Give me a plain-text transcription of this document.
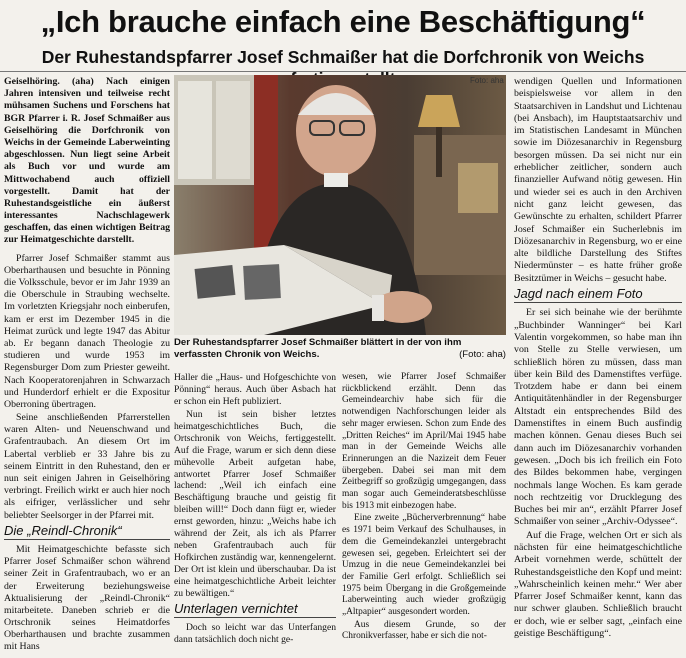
„Ich brauche einfach eine Beschäftigung“
Der Ruhestandspfarrer Josef Schmaißer hat die Dorfchronik von Weichs

Geiselhöring. (aha) Nach einigen Jahren intensiven und teilweise recht mühsamen Suchens und Forschens hat BGR Pfarrer i. R. Josef Schmaißer aus Geiselhöring die Dorfchronik von Weichs in der Gemeinde Laberweinting abgeschlossen. Nun liegt seine Arbeit als Buch vor und wurde am Mittwochabend auch offiziell vorgestellt. Damit hat der Ruhestandsgeistliche ein äußerst interessantes Nachschlagewerk geschaffen, das einen wichtigen Beitrag zur Heimatgeschichte darstellt.

Pfarrer Josef Schmaißer stammt aus Oberharthausen und besuchte in Pönning die Volksschule, bevor er im Jahr 1939 an die Oberschule in Straubing wechselte. Im vorletzten Kriegsjahr noch einberufen, kam er erst im Dezember 1945 in die Heimat zurück und legte 1947 das Abitur ab. Er begann danach Theologie zu studieren und wurde 1953 im Regensburger Dom zum Priester geweiht. Nach Kooperatorenjahren in Schwarzach und Hunderdorf erhielt er die Expositur Oberroning übertragen.

Seine anschließenden Pfarrerstellen waren Alten- und Neuenschwand und Grafentraubach. An diesem Ort im Labertal verblieb er 33 Jahre bis zu seinem Eintritt in den Ruhestand, den er nun seit einigen Jahren in Geiselhöring verbringt. Freilich wirkt er auch hier noch als eifriger, verlässlicher und sehr beliebter Seelsorger in der Pfarrei mit.

Die „Reindl-Chronik“

Mit Heimatgeschichte befasste sich Pfarrer Josef Schmaißer schon während seiner Zeit in Grafentraubach, wo er an der Erweiterung beziehungsweise Aktualisierung der „Reindl-Chronik“ mitarbeitete. Daneben schrieb er die Ortschronik seines Heimatdorfes Oberharthausen und brachte zusammen mit Hans

Der Ruhestandspfarrer Josef Schmaißer blättert in der von ihm verfassten Chronik von Weichs.	(Foto: aha)
Foto: aha

Haller die „Haus- und Hofgeschichte von Pönning“ heraus. Auch über Asbach hat er schon ein Heft publiziert.

Nun ist sein bisher letztes heimatgeschichtliches Buch, die Ortschronik von Weichs, fertiggestellt. Auf die Frage, warum er sich denn diese mühevolle Arbeit aufgetan habe, antwortet Pfarrer Josef Schmaißer lachend: „Weil ich einfach eine Beschäftigung brauche und geistig fit bleiben will!“ Doch dann fügt er, wieder ernst geworden, hinzu: „Weichs habe ich während der Zeit, als ich als Pfarrer neben Grafentraubach auch für Hofkirchen zuständig war, kennengelernt. Der Ort ist klein und überschaubar. Da ist eine heimatgeschichtliche Arbeit leichter zu bewältigen.“

Unterlagen vernichtet

Doch so leicht war das Unterfangen dann tatsächlich doch nicht ge-

wesen, wie Pfarrer Josef Schmaißer rückblickend erzählt. Denn das Gemeindearchiv habe sich für die notwendigen Nachforschungen leider als sehr mager erwiesen. Schon zum Ende des „Dritten Reiches“ im April/Mai 1945 habe man in der Gemeinde Weichs alle Erinnerungen an die Nazizeit dem Feuer übergeben. Dabei sei man mit dem Zeitbegriff so großzügig umgegangen, dass man sogar auch Gemeinderatsbeschlüsse bis 1913 mit einbezogen habe.

Eine zweite „Bücherverbrennung“ habe es 1971 beim Verkauf des Schulhauses, in dem die Gemeindekanzlei untergebracht gewesen sei, gegeben. Erleichtert sei der Umzug in die neue Gemeindekanzlei bei der Familie Gerl erfolgt. Schließlich sei 1975 beim Übergang in die Großgemeinde Laberweinting auch wieder großzügig „Altpapier“ ausgesondert worden.

Aus diesem Grunde, so der Chronikverfasser, habe er sich die not-

wendigen Quellen und Informationen beispielsweise vor allem in den Staatsarchiven in Landshut und Lichtenau (bei Ansbach), im Hauptstaatsarchiv und im Statistischen Landesamt in München sowie im Diözesanarchiv in Regensburg besorgen müssen. Da sei nicht nur ein erheblicher zeitlicher, sondern auch finanzieller Aufwand nötig gewesen. Hin und wieder sei es auch in den Archiven nicht ganz leicht gewesen, das Gewünschte zu erhalten, schildert Pfarrer Josef Schmaißer ein Sucherlebnis im Diözesanarchiv in Regensburg, wo er eine alte bildliche Darstellung des Stiftes Niedermünster – es hatte früher große Besitztümer in Weichs – gesucht habe.

Jagd nach einem Foto

Er sei sich beinahe wie der berühmte „Buchbinder Wanninger“ bei Karl Valentin vorgekommen, so habe man ihn von Stelle zu Stelle verwiesen, um schließlich hören zu müssen, dass man über kein Bild des Damenstiftes verfüge. Trotzdem habe er dann bei einem Antiquitätenhändler in der Regensburger Altstadt ein entsprechendes Bild des Damenstiftes in einem Buch ausfindig machen können. Genau dieses Buch sei dann auch im Diözesanarchiv vorhanden gewesen. „Doch bis ich freilich ein Foto des Bildes bekommen habe, vergingen nochmals lange Wochen. Es kam gerade noch rechtzeitig vor Drucklegung des Buches bei mir an“, erzählt Pfarrer Josef Schmaißer von seiner „Archiv-Odyssee“.

Auf die Frage, welchen Ort er sich als nächsten für eine heimatgeschichtliche Arbeit vornehmen werde, schüttelt der Ruhestandsgeistliche den Kopf und meint: „Wahrscheinlich keinen mehr.“ Wer aber Pfarrer Josef Schmaißer kennt, kann das nur schwer glauben. Schließlich braucht er doch, wie er selber sagt, „einfach eine geistige Beschäftigung“.
